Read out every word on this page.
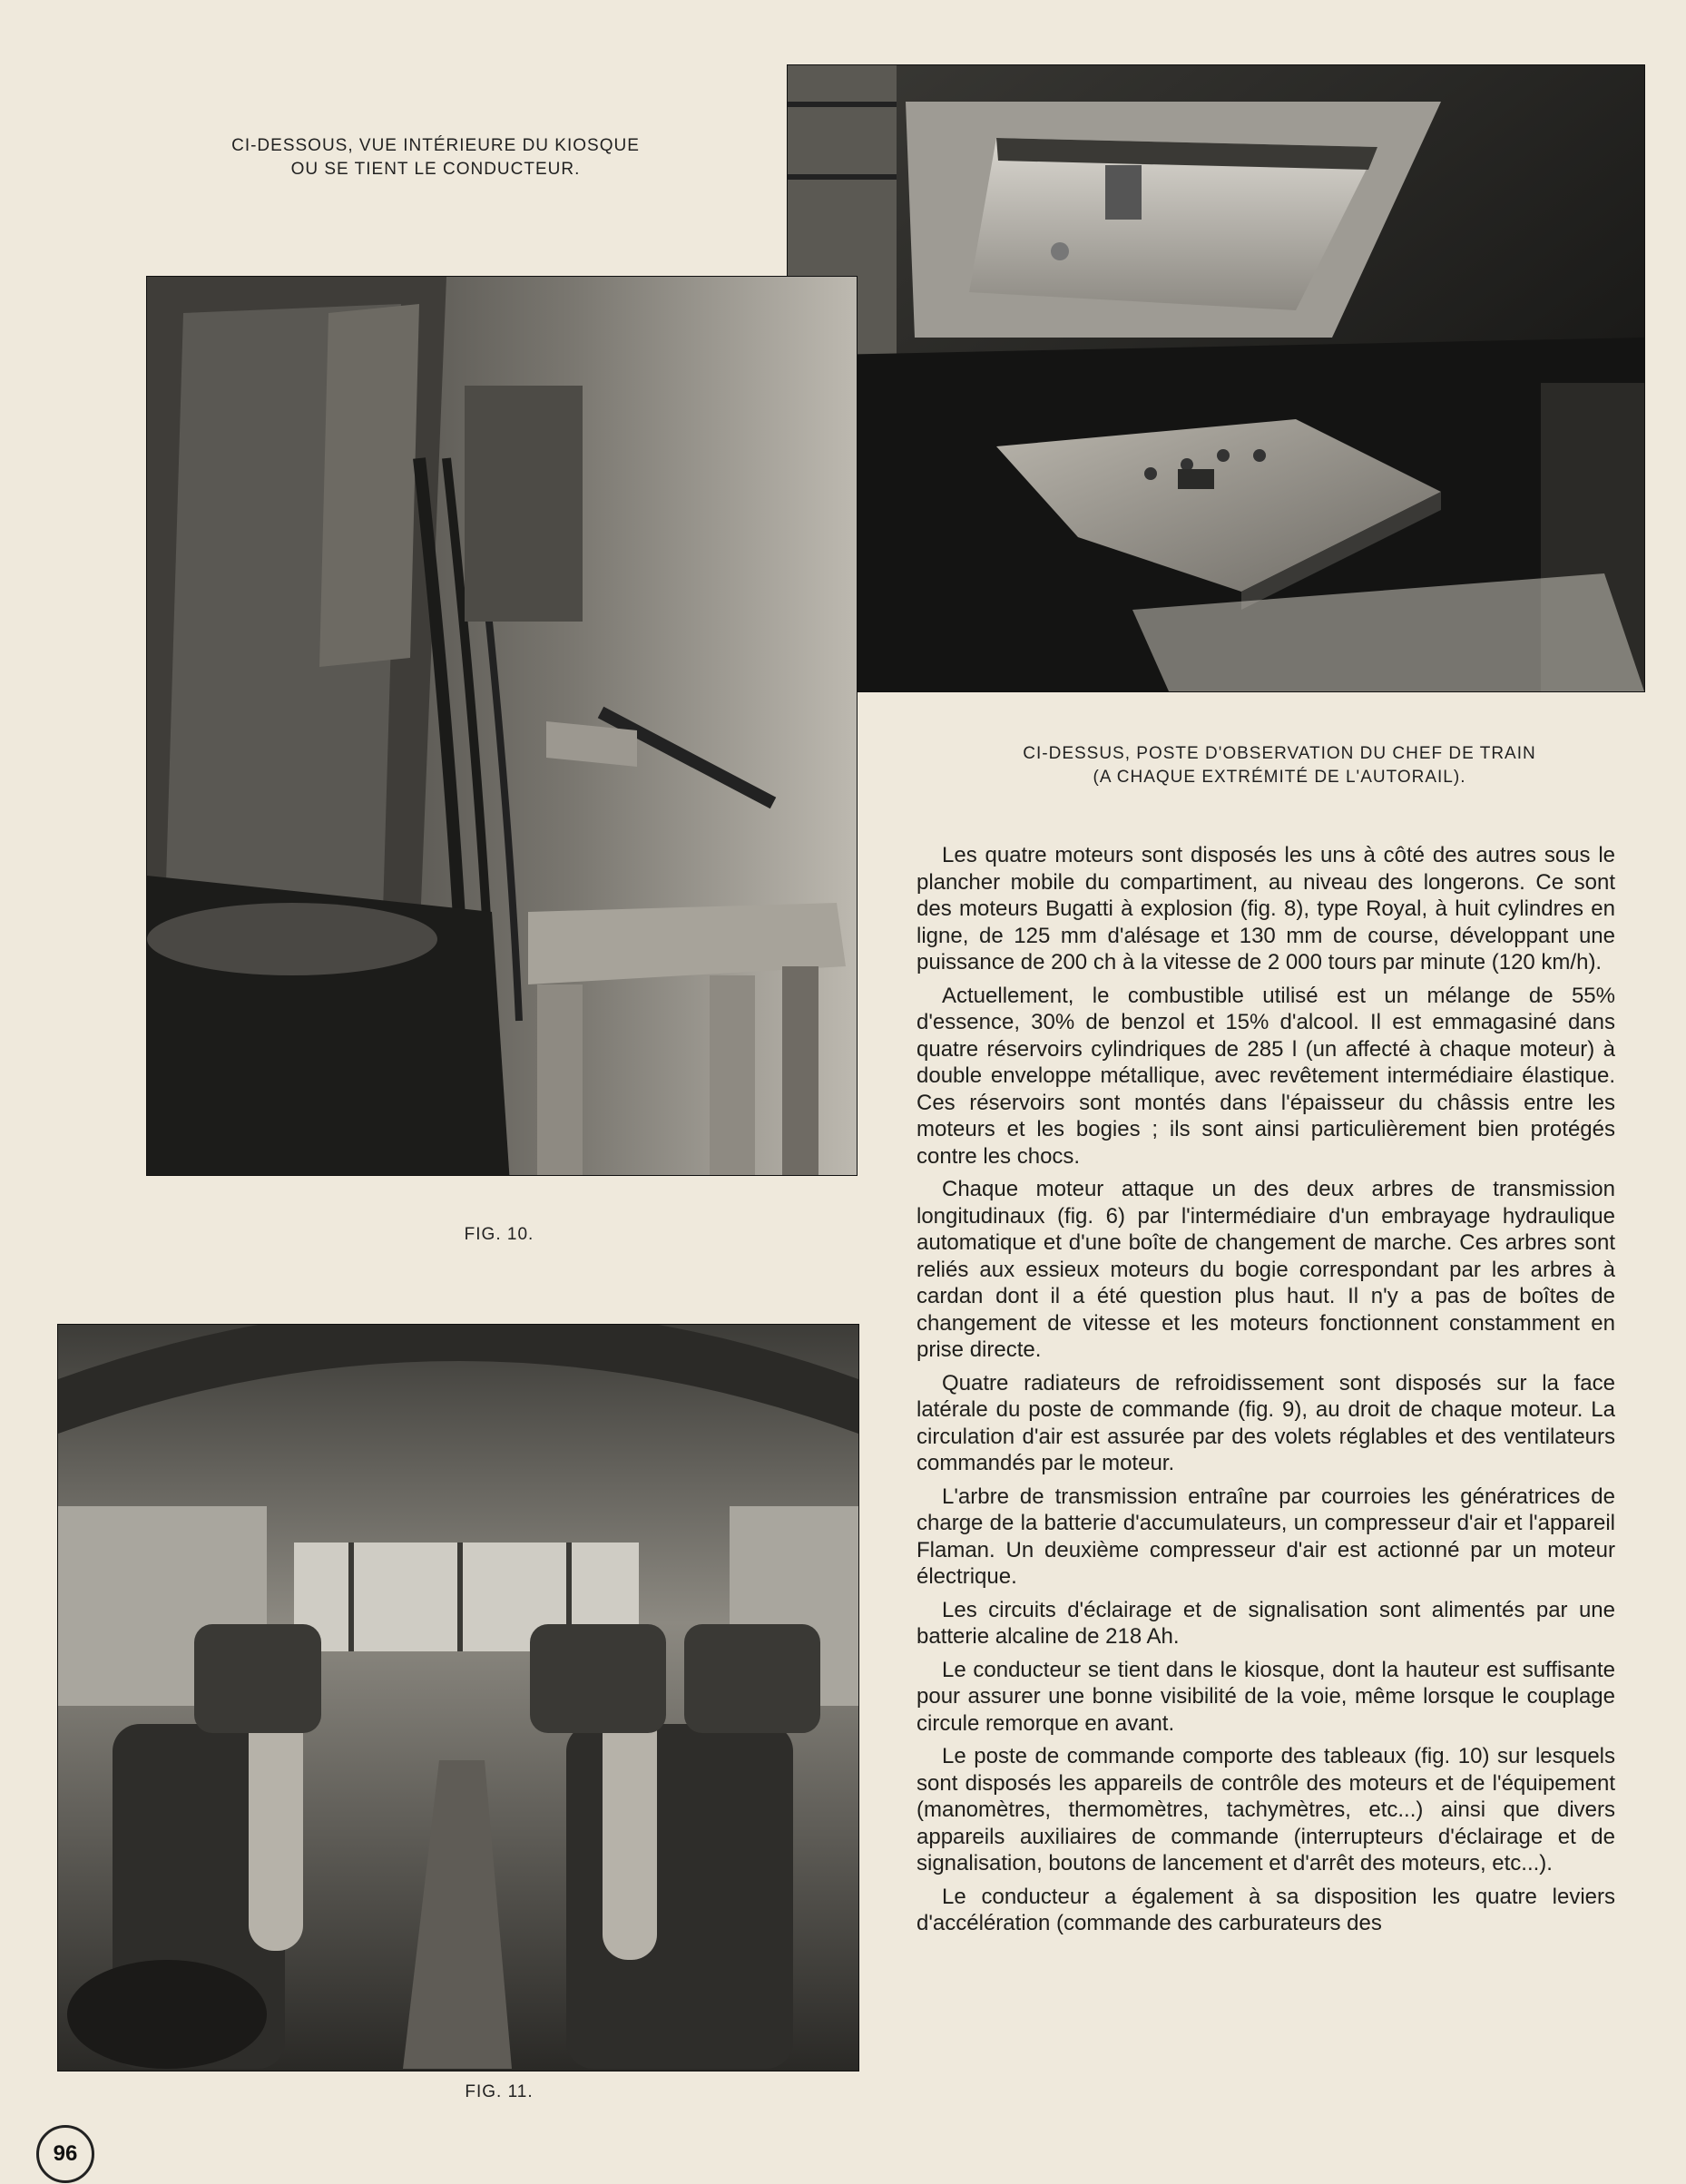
CI-DESSOUS, VUE INTÉRIEURE DU KIOSQUE
OU SE TIENT LE CONDUCTEUR.
CI-DESSUS, POSTE D'OBSERVATION DU CHEF DE TRAIN
(A CHAQUE EXTRÉMITÉ DE L'AUTORAIL).
FIG. 10.
FIG. 11.

Les quatre moteurs sont disposés les uns à côté des autres sous le plancher mobile du compartiment, au niveau des longerons. Ce sont des moteurs Bugatti à explosion (fig. 8), type Royal, à huit cylindres en ligne, de 125 mm d'alésage et 130 mm de course, développant une puissance de 200 ch à la vitesse de 2 000 tours par minute (120 km/h).

Actuellement, le combustible utilisé est un mélange de 55% d'essence, 30% de benzol et 15% d'alcool. Il est emmagasiné dans quatre réservoirs cylindriques de 285 l (un affecté à chaque moteur) à double enveloppe métallique, avec revêtement intermédiaire élastique. Ces réservoirs sont montés dans l'épaisseur du châssis entre les moteurs et les bogies ; ils sont ainsi particulièrement bien protégés contre les chocs.

Chaque moteur attaque un des deux arbres de transmission longitudinaux (fig. 6) par l'intermédiaire d'un embrayage hydraulique automatique et d'une boîte de changement de marche. Ces arbres sont reliés aux essieux moteurs du bogie correspondant par les arbres à cardan dont il a été question plus haut. Il n'y a pas de boîtes de changement de vitesse et les moteurs fonctionnent constamment en prise directe.

Quatre radiateurs de refroidissement sont disposés sur la face latérale du poste de commande (fig. 9), au droit de chaque moteur. La circulation d'air est assurée par des volets réglables et des ventilateurs commandés par le moteur.

L'arbre de transmission entraîne par courroies les génératrices de charge de la batterie d'accumulateurs, un compresseur d'air et l'appareil Flaman. Un deuxième compresseur d'air est actionné par un moteur électrique.

Les circuits d'éclairage et de signalisation sont alimentés par une batterie alcaline de 218 Ah.

Le conducteur se tient dans le kiosque, dont la hauteur est suffisante pour assurer une bonne visibilité de la voie, même lorsque le couplage circule remorque en avant.

Le poste de commande comporte des tableaux (fig. 10) sur lesquels sont disposés les appareils de contrôle des moteurs et de l'équipement (manomètres, thermomètres, tachymètres, etc...) ainsi que divers appareils auxiliaires de commande (interrupteurs d'éclairage et de signalisation, boutons de lancement et d'arrêt des moteurs, etc...).

Le conducteur a également à sa disposition les quatre leviers d'accélération (commande des carburateurs des

96
